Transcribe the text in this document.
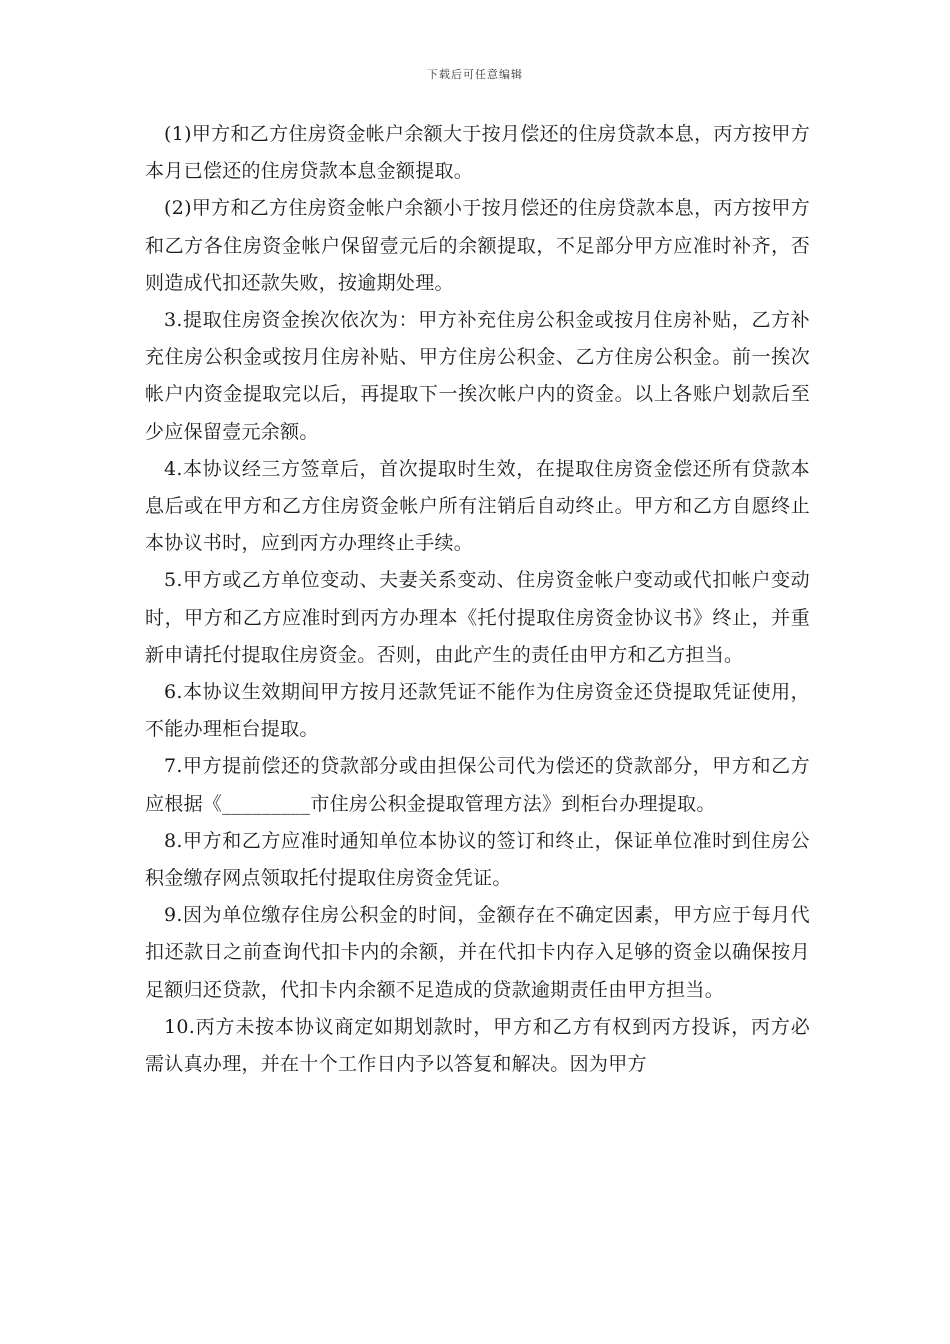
下载后可任意编辑

(1)甲方和乙方住房资金帐户余额大于按月偿还的住房贷款本息，丙方按甲方本月已偿还的住房贷款本息金额提取。

(2)甲方和乙方住房资金帐户余额小于按月偿还的住房贷款本息，丙方按甲方和乙方各住房资金帐户保留壹元后的余额提取，不足部分甲方应准时补齐，否则造成代扣还款失败，按逾期处理。

3.提取住房资金挨次依次为：甲方补充住房公积金或按月住房补贴，乙方补充住房公积金或按月住房补贴、甲方住房公积金、乙方住房公积金。前一挨次帐户内资金提取完以后，再提取下一挨次帐户内的资金。以上各账户划款后至少应保留壹元余额。

4.本协议经三方签章后，首次提取时生效，在提取住房资金偿还所有贷款本息后或在甲方和乙方住房资金帐户所有注销后自动终止。甲方和乙方自愿终止本协议书时，应到丙方办理终止手续。

5.甲方或乙方单位变动、夫妻关系变动、住房资金帐户变动或代扣帐户变动时，甲方和乙方应准时到丙方办理本《托付提取住房资金协议书》终止，并重新申请托付提取住房资金。否则，由此产生的责任由甲方和乙方担当。

6.本协议生效期间甲方按月还款凭证不能作为住房资金还贷提取凭证使用，不能办理柜台提取。

7.甲方提前偿还的贷款部分或由担保公司代为偿还的贷款部分，甲方和乙方应根据《_________市住房公积金提取管理方法》到柜台办理提取。

8.甲方和乙方应准时通知单位本协议的签订和终止，保证单位准时到住房公积金缴存网点领取托付提取住房资金凭证。

9.因为单位缴存住房公积金的时间，金额存在不确定因素，甲方应于每月代扣还款日之前查询代扣卡内的余额，并在代扣卡内存入足够的资金以确保按月足额归还贷款，代扣卡内余额不足造成的贷款逾期责任由甲方担当。

10.丙方未按本协议商定如期划款时，甲方和乙方有权到丙方投诉，丙方必需认真办理，并在十个工作日内予以答复和解决。因为甲方
